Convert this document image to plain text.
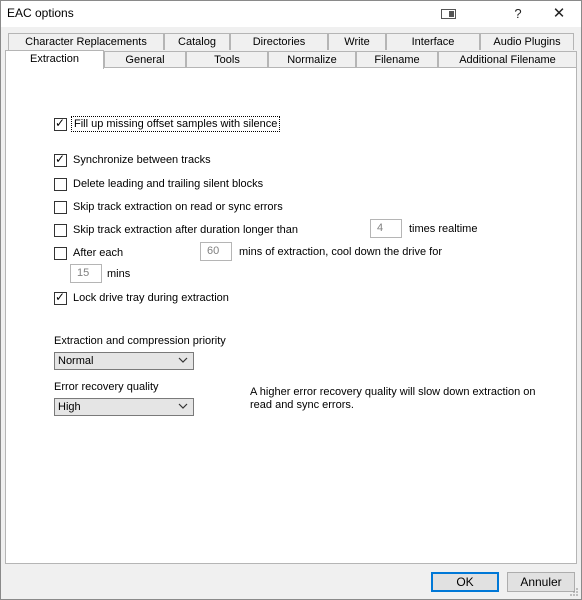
EAC options	?	✕
Character Replacements	Catalog	Directories	Write	Interface	Audio Plugins
Extraction	General	Tools	Normalize	Filename	Additional Filename
✓ Fill up missing offset samples with silence
✓ Synchronize between tracks
Delete leading and trailing silent blocks
Skip track extraction on read or sync errors
Skip track extraction after duration longer than	4	times realtime
After each	60	mins of extraction, cool down the drive for
15	mins
✓ Lock drive tray during extraction
Extraction and compression priority
Normal
Error recovery quality
High
A higher error recovery quality will slow down extraction on read and sync errors.
OK	Annuler
